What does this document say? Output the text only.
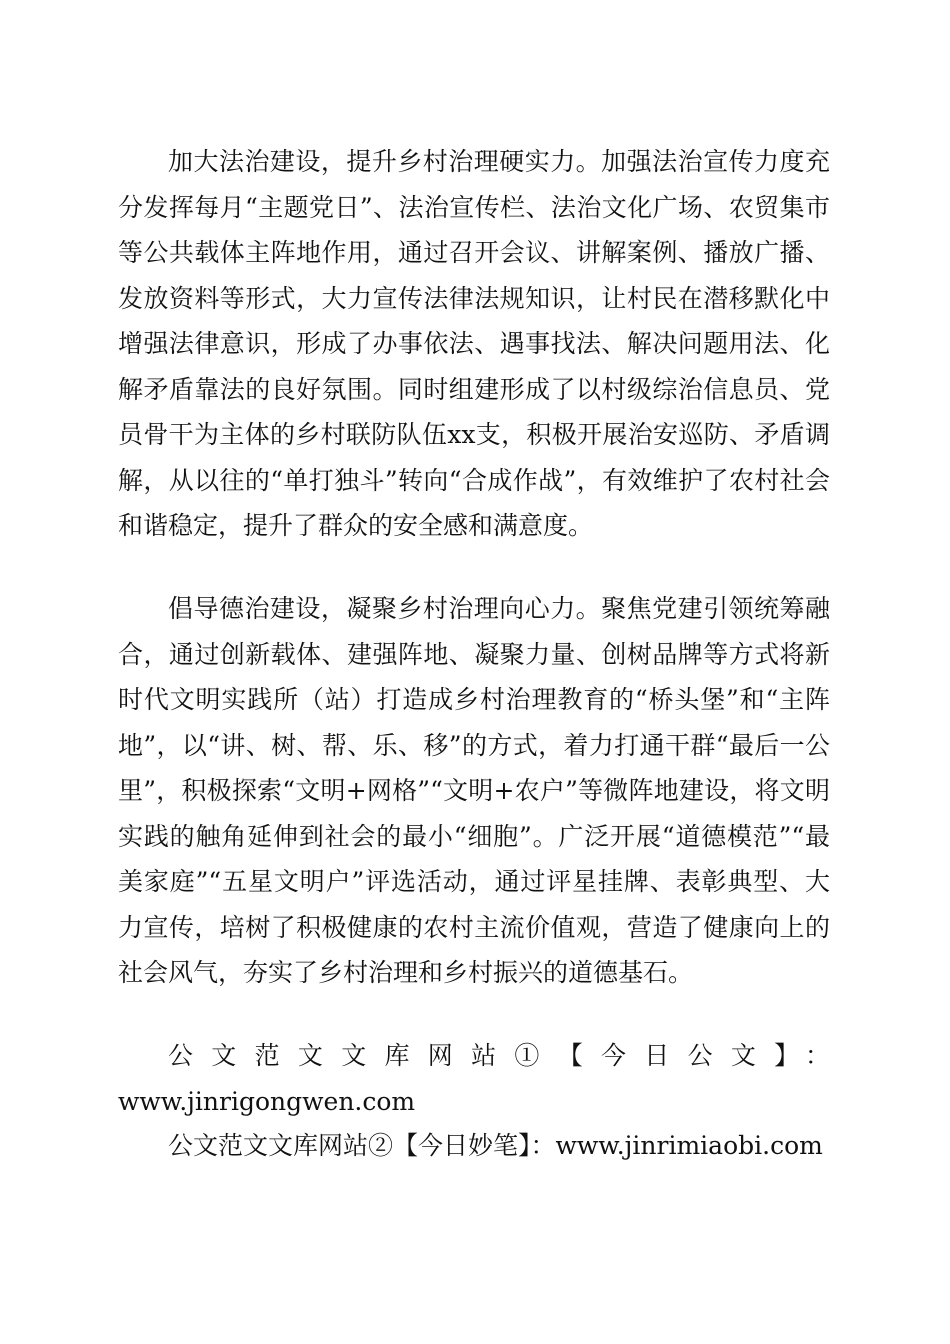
加大法治建设，提升乡村治理硬实力。加强法治宣传力度充分发挥每月“主题党日”、法治宣传栏、法治文化广场、农贸集市等公共载体主阵地作用，通过召开会议、讲解案例、播放广播、发放资料等形式，大力宣传法律法规知识，让村民在潜移默化中增强法律意识，形成了办事依法、遇事找法、解决问题用法、化解矛盾靠法的良好氛围。同时组建形成了以村级综治信息员、党员骨干为主体的乡村联防队伍xx支，积极开展治安巡防、矛盾调解，从以往的“单打独斗”转向“合成作战”，有效维护了农村社会和谐稳定，提升了群众的安全感和满意度。

倡导德治建设，凝聚乡村治理向心力。聚焦党建引领统筹融合，通过创新载体、建强阵地、凝聚力量、创树品牌等方式将新时代文明实践所（站）打造成乡村治理教育的“桥头堡”和“主阵地”，以“讲、树、帮、乐、移”的方式，着力打通干群“最后一公里”，积极探索“文明+网格”“文明+农户”等微阵地建设，将文明实践的触角延伸到社会的最小“细胞”。广泛开展“道德模范”“最美家庭”“五星文明户”评选活动，通过评星挂牌、表彰典型、大力宣传，培树了积极健康的农村主流价值观，营造了健康向上的社会风气，夯实了乡村治理和乡村振兴的道德基石。

公文范文文库网站①【今日公文】：
www.jinrigongwen.com

公文范文文库网站②【今日妙笔】：www.jinrimiaobi.com
